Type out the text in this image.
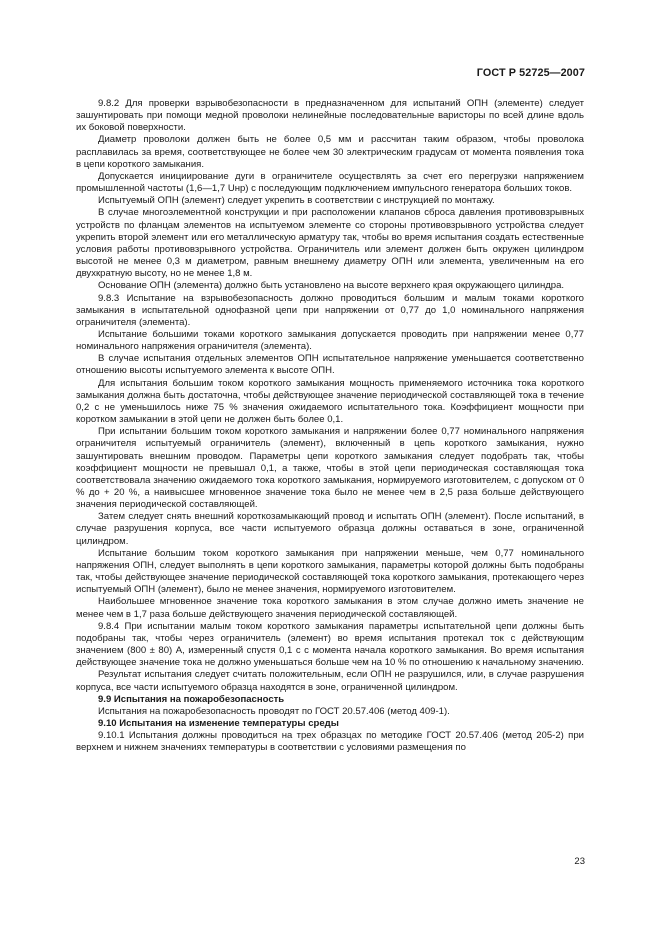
ГОСТ Р 52725—2007

9.8.2 Для проверки взрывобезопасности в предназначенном для испытаний ОПН (элементе) следует зашунтировать при помощи медной проволоки нелинейные последовательные варисторы по всей длине вдоль их боковой поверхности.

Диаметр проволоки должен быть не более 0,5 мм и рассчитан таким образом, чтобы проволока расплавилась за время, соответствующее не более чем 30 электрическим градусам от момента появления тока в цепи короткого замыкания.

Допускается инициирование дуги в ограничителе осуществлять за счет его перегрузки напряжением промышленной частоты (1,6—1,7 Uнр) с последующим подключением импульсного генератора больших токов.

Испытуемый ОПН (элемент) следует укрепить в соответствии с инструкцией по монтажу.

В случае многоэлементной конструкции и при расположении клапанов сброса давления противовзрывных устройств по фланцам элементов на испытуемом элементе со стороны противовзрывного устройства следует укрепить второй элемент или его металлическую арматуру так, чтобы во время испытания создать естественные условия работы противовзрывного устройства. Ограничитель или элемент должен быть окружен цилиндром высотой не менее 0,3 м диаметром, равным внешнему диаметру ОПН или элемента, увеличенным на его двухкратную высоту, но не менее 1,8 м.

Основание ОПН (элемента) должно быть установлено на высоте верхнего края окружающего цилиндра.

9.8.3 Испытание на взрывобезопасность должно проводиться большим и малым токами короткого замыкания в испытательной однофазной цепи при напряжении от 0,77 до 1,0 номинального напряжения ограничителя (элемента).

Испытание большими токами короткого замыкания допускается проводить при напряжении менее 0,77 номинального напряжения ограничителя (элемента).

В случае испытания отдельных элементов ОПН испытательное напряжение уменьшается соответственно отношению высоты испытуемого элемента к высоте ОПН.

Для испытания большим током короткого замыкания мощность применяемого источника тока короткого замыкания должна быть достаточна, чтобы действующее значение периодической составляющей тока в течение 0,2 с не уменьшилось ниже 75 % значения ожидаемого испытательного тока. Коэффициент мощности при коротком замыкании в этой цепи не должен быть более 0,1.

При испытании большим током короткого замыкания и напряжении более 0,77 номинального напряжения ограничителя испытуемый ограничитель (элемент), включенный в цепь короткого замыкания, нужно зашунтировать внешним проводом. Параметры цепи короткого замыкания следует подобрать так, чтобы коэффициент мощности не превышал 0,1, а также, чтобы в этой цепи периодическая составляющая тока соответствовала значению ожидаемого тока короткого замыкания, нормируемого изготовителем, с допуском от 0 % до + 20 %, а наивысшее мгновенное значение тока было не менее чем в 2,5 раза больше действующего значения периодической составляющей.

Затем следует снять внешний короткозамыкающий провод и испытать ОПН (элемент). После испытаний, в случае разрушения корпуса, все части испытуемого образца должны оставаться в зоне, ограниченной цилиндром.

Испытание большим током короткого замыкания при напряжении меньше, чем 0,77 номинального напряжения ОПН, следует выполнять в цепи короткого замыкания, параметры которой должны быть подобраны так, чтобы действующее значение периодической составляющей тока короткого замыкания, протекающего через испытуемый ОПН (элемент), было не менее значения, нормируемого изготовителем.

Наибольшее мгновенное значение тока короткого замыкания в этом случае должно иметь значение не менее чем в 1,7 раза больше действующего значения периодической составляющей.

9.8.4 При испытании малым током короткого замыкания параметры испытательной цепи должны быть подобраны так, чтобы через ограничитель (элемент) во время испытания протекал ток с действующим значением (800 ± 80) А, измеренный спустя 0,1 с с момента начала короткого замыкания. Во время испытания действующее значение тока не должно уменьшаться больше чем на 10 % по отношению к начальному значению.

Результат испытания следует считать положительным, если ОПН не разрушился, или, в случае разрушения корпуса, все части испытуемого образца находятся в зоне, ограниченной цилиндром.

9.9 Испытания на пожаробезопасность

Испытания на пожаробезопасность проводят по ГОСТ 20.57.406 (метод 409-1).

9.10 Испытания на изменение температуры среды

9.10.1 Испытания должны проводиться на трех образцах по методике ГОСТ 20.57.406 (метод 205-2) при верхнем и нижнем значениях температуры в соответствии с условиями размещения по

23
